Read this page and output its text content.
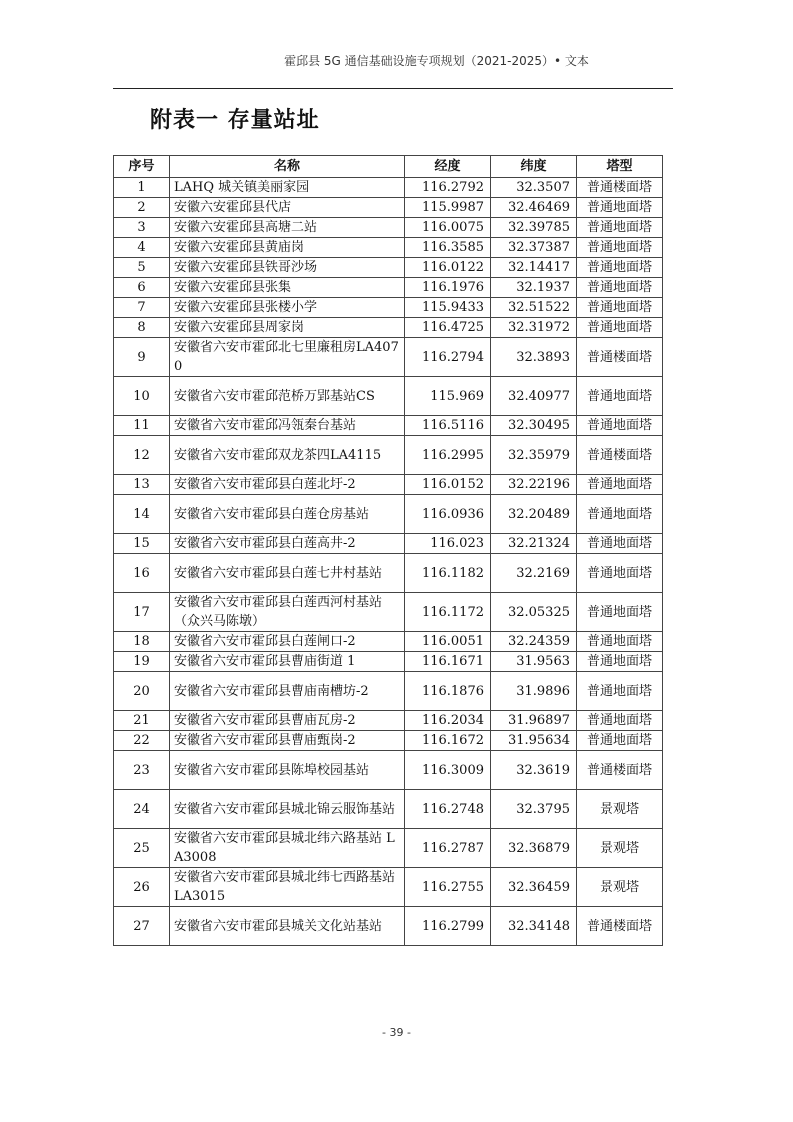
霍邱县 5G 通信基础设施专项规划（2021-2025）• 文本
附表一 存量站址
序号	名称	经度	纬度	塔型
1	LAHQ 城关镇美丽家园	116.2792	32.3507	普通楼面塔
2	安徽六安霍邱县代店	115.9987	32.46469	普通地面塔
3	安徽六安霍邱县高塘二站	116.0075	32.39785	普通地面塔
4	安徽六安霍邱县黄庙岗	116.3585	32.37387	普通地面塔
5	安徽六安霍邱县铁哥沙场	116.0122	32.14417	普通地面塔
6	安徽六安霍邱县张集	116.1976	32.1937	普通地面塔
7	安徽六安霍邱县张楼小学	115.9433	32.51522	普通地面塔
8	安徽六安霍邱县周家岗	116.4725	32.31972	普通地面塔
9	安徽省六安市霍邱北七里廉租房LA4070	116.2794	32.3893	普通楼面塔
10	安徽省六安市霍邱范桥万郢基站CS	115.969	32.40977	普通地面塔
11	安徽省六安市霍邱冯瓴秦台基站	116.5116	32.30495	普通地面塔
12	安徽省六安市霍邱双龙茶四LA4115	116.2995	32.35979	普通楼面塔
13	安徽省六安市霍邱县白莲北圩-2	116.0152	32.22196	普通地面塔
14	安徽省六安市霍邱县白莲仓房基站	116.0936	32.20489	普通地面塔
15	安徽省六安市霍邱县白莲高井-2	116.023	32.21324	普通地面塔
16	安徽省六安市霍邱县白莲七井村基站	116.1182	32.2169	普通地面塔
17	安徽省六安市霍邱县白莲西河村基站（众兴马陈墩）	116.1172	32.05325	普通地面塔
18	安徽省六安市霍邱县白莲闸口-2	116.0051	32.24359	普通地面塔
19	安徽省六安市霍邱县曹庙街道 1	116.1671	31.9563	普通地面塔
20	安徽省六安市霍邱县曹庙南槽坊-2	116.1876	31.9896	普通地面塔
21	安徽省六安市霍邱县曹庙瓦房-2	116.2034	31.96897	普通地面塔
22	安徽省六安市霍邱县曹庙甄岗-2	116.1672	31.95634	普通地面塔
23	安徽省六安市霍邱县陈埠校园基站	116.3009	32.3619	普通楼面塔
24	安徽省六安市霍邱县城北锦云服饰基站	116.2748	32.3795	景观塔
25	安徽省六安市霍邱县城北纬六路基站 LA3008	116.2787	32.36879	景观塔
26	安徽省六安市霍邱县城北纬七西路基站 LA3015	116.2755	32.36459	景观塔
27	安徽省六安市霍邱县城关文化站基站	116.2799	32.34148	普通楼面塔
- 39 -
